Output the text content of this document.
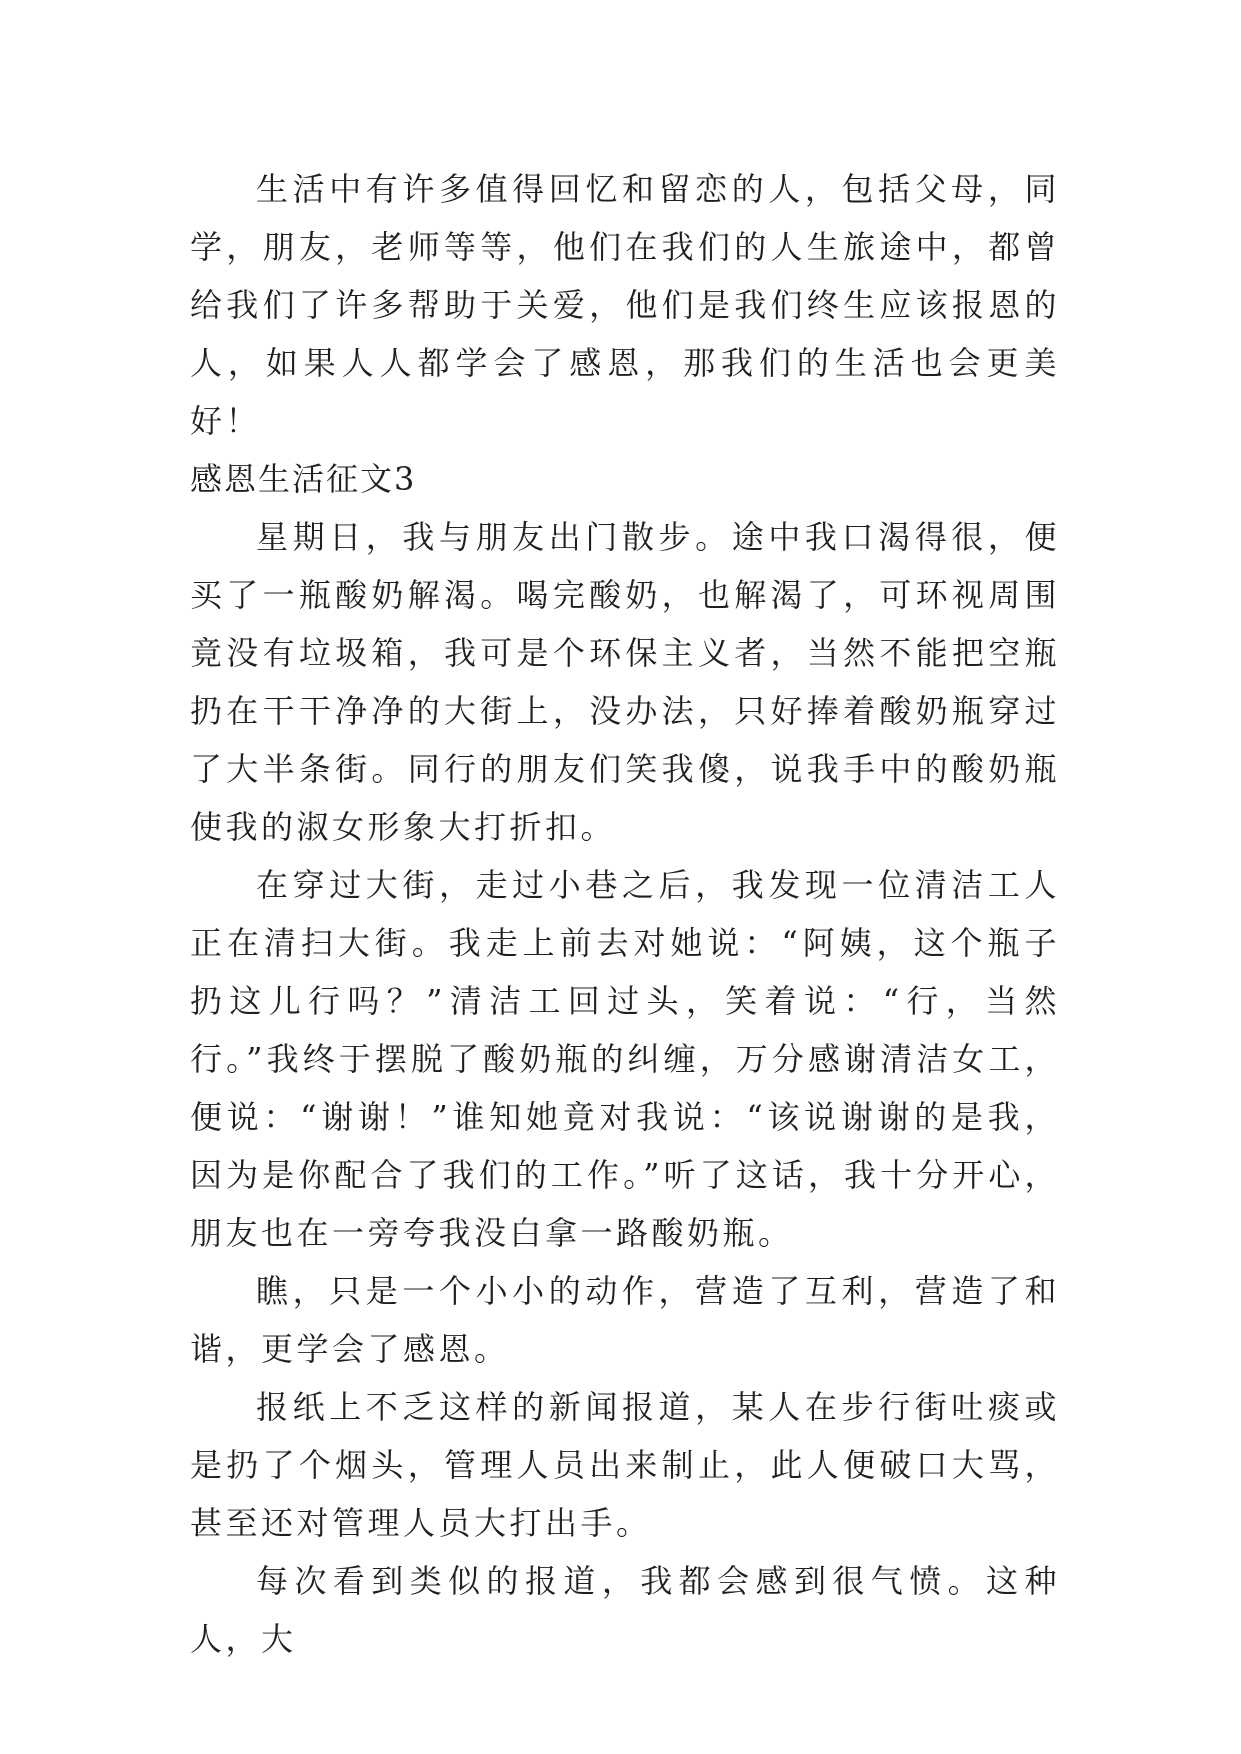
生活中有许多值得回忆和留恋的人，包括父母，同学，朋友，老师等等，他们在我们的人生旅途中，都曾给我们了许多帮助于关爱，他们是我们终生应该报恩的人，如果人人都学会了感恩，那我们的生活也会更美好！

感恩生活征文3

星期日，我与朋友出门散步。途中我口渴得很，便买了一瓶酸奶解渴。喝完酸奶，也解渴了，可环视周围竟没有垃圾箱，我可是个环保主义者，当然不能把空瓶扔在干干净净的大街上，没办法，只好捧着酸奶瓶穿过了大半条街。同行的朋友们笑我傻，说我手中的酸奶瓶使我的淑女形象大打折扣。

在穿过大街，走过小巷之后，我发现一位清洁工人正在清扫大街。我走上前去对她说：“阿姨，这个瓶子扔这儿行吗？”清洁工回过头，笑着说：“行，当然行。”我终于摆脱了酸奶瓶的纠缠，万分感谢清洁女工，便说：“谢谢！”谁知她竟对我说：“该说谢谢的是我，因为是你配合了我们的工作。”听了这话，我十分开心，朋友也在一旁夸我没白拿一路酸奶瓶。

瞧，只是一个小小的动作，营造了互利，营造了和谐，更学会了感恩。

报纸上不乏这样的新闻报道，某人在步行街吐痰或是扔了个烟头，管理人员出来制止，此人便破口大骂，甚至还对管理人员大打出手。

每次看到类似的报道，我都会感到很气愤。这种人，大
